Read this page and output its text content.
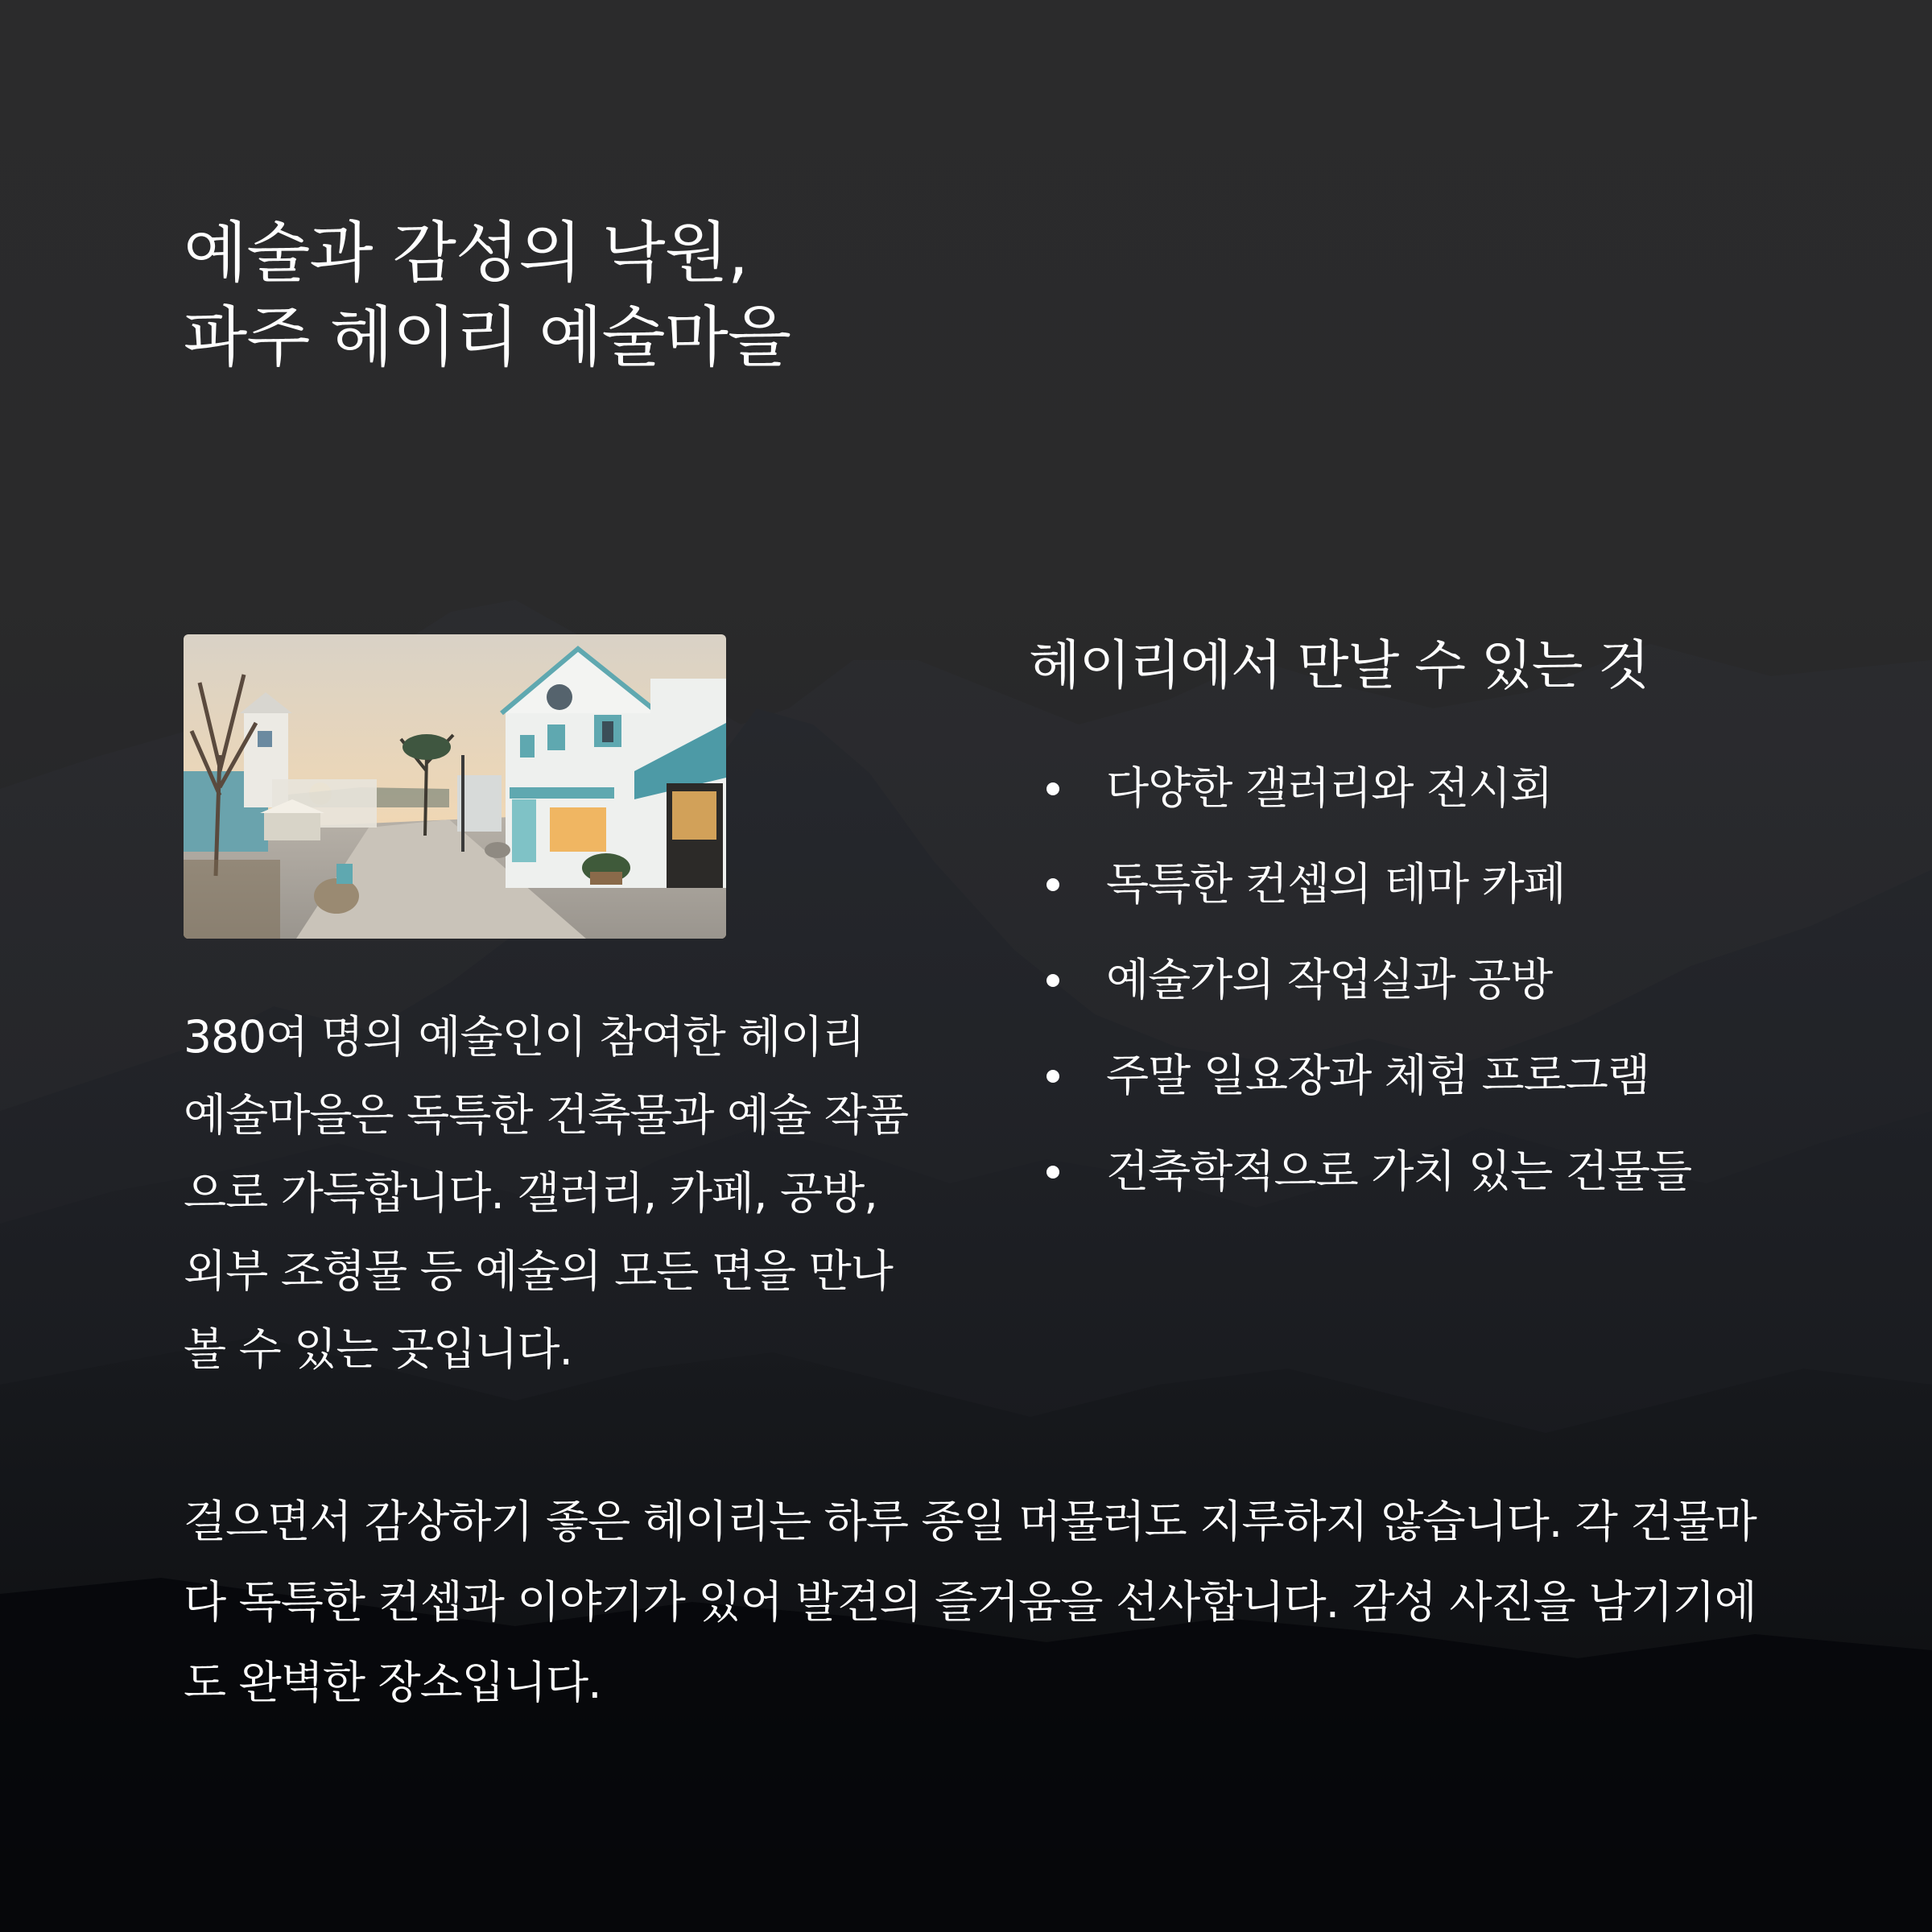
예술과 감성의 낙원,
파주 헤이리 예술마을

380여 명의 예술인이 참여한 헤이리 예술마을은 독특한 건축물과 예술 작품으로 가득합니다. 갤러리, 카페, 공방, 외부 조형물 등 예술의 모든 면을 만나볼 수 있는 곳입니다.

헤이리에서 만날 수 있는 것
다양한 갤러리와 전시회
독특한 컨셉의 테마 카페
예술가의 작업실과 공방
주말 일요장과 체험 프로그램
건축학적으로 가치 있는 건물들

걸으면서 감상하기 좋은 헤이리는 하루 종일 머물러도 지루하지 않습니다. 각 건물마다 독특한 컨셉과 이야기가 있어 발견의 즐거움을 선사합니다. 감성 사진을 남기기에도 완벽한 장소입니다.
